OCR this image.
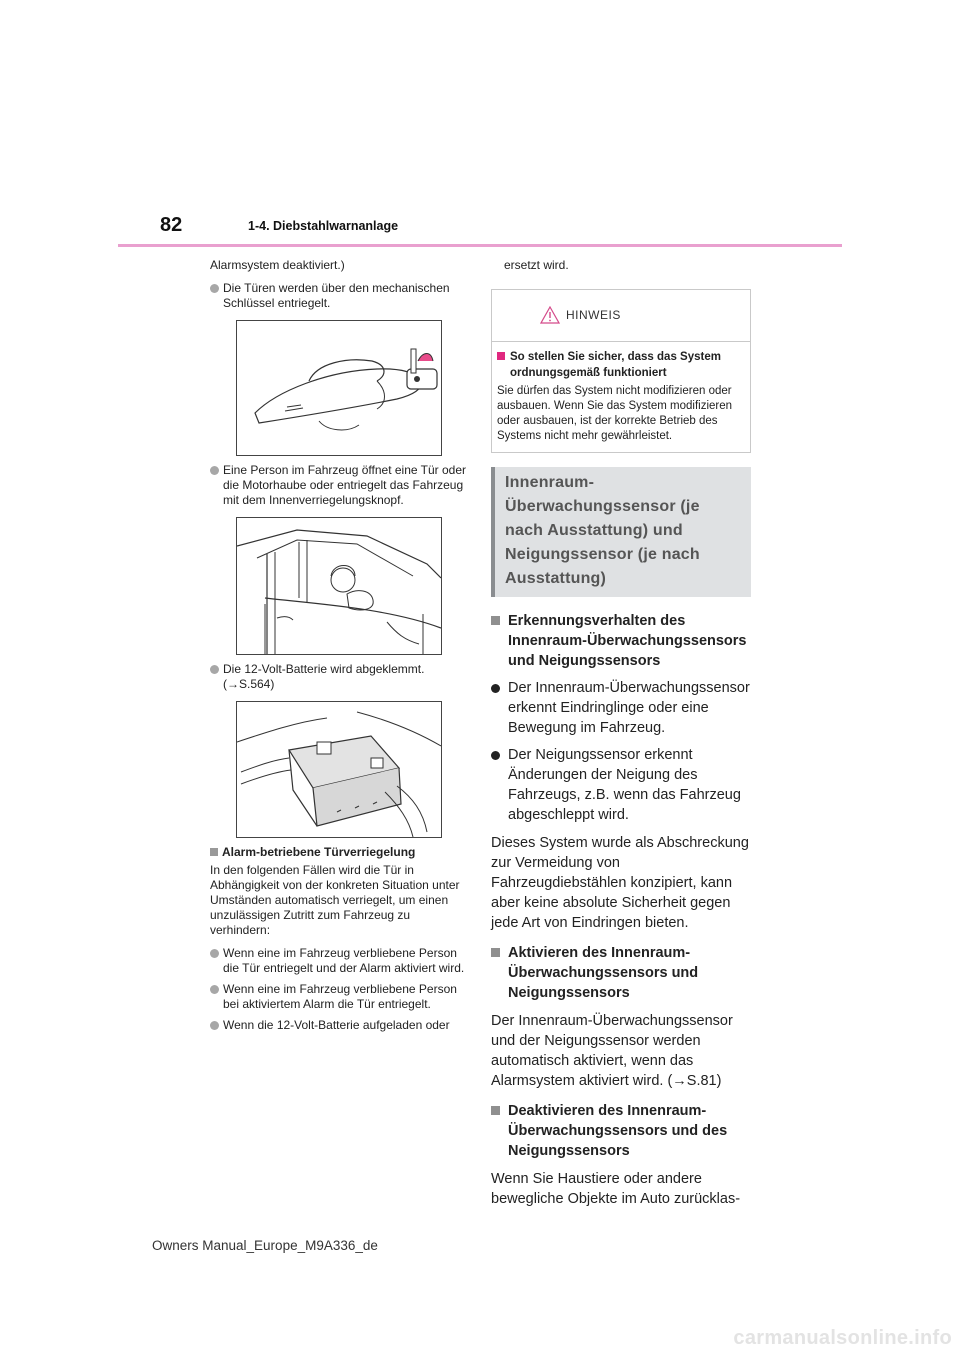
82	1-4. Diebstahlwarnanlage

Alarmsystem deaktiviert.)

Die Türen werden über den mechanischen Schlüssel entriegelt.
Eine Person im Fahrzeug öffnet eine Tür oder die Motorhaube oder entriegelt das Fahrzeug mit dem Innenverriegelungsknopf.
Die 12-Volt-Batterie wird abgeklemmt. (→S.564)
Alarm-betriebene Türverriegelung

In den folgenden Fällen wird die Tür in Abhängigkeit von der konkreten Situation unter Umständen automatisch verriegelt, um einen unzulässigen Zutritt zum Fahrzeug zu verhindern:

Wenn eine im Fahrzeug verbliebene Person die Tür entriegelt und der Alarm aktiviert wird.
Wenn eine im Fahrzeug verbliebene Person bei aktiviertem Alarm die Tür entriegelt.
Wenn die 12-Volt-Batterie aufgeladen oder

ersetzt wird.

HINWEIS
So stellen Sie sicher, dass das System ordnungsgemäß funktioniert

Sie dürfen das System nicht modifizieren oder ausbauen. Wenn Sie das System modifizieren oder ausbauen, ist der korrekte Betrieb des Systems nicht mehr gewährleistet.

Innenraum-Überwachungssensor (je nach Ausstattung) und Neigungssensor (je nach Ausstattung)
Erkennungsverhalten des Innenraum-Überwachungssensors und Neigungssensors
Der Innenraum-Überwachungssensor erkennt Eindringlinge oder eine Bewegung im Fahrzeug.
Der Neigungssensor erkennt Änderungen der Neigung des Fahrzeugs, z.B. wenn das Fahrzeug abgeschleppt wird.

Dieses System wurde als Abschreckung zur Vermeidung von Fahrzeugdiebstählen konzipiert, kann aber keine absolute Sicherheit gegen jede Art von Eindringen bieten.

Aktivieren des Innenraum-Überwachungssensors und Neigungssensors

Der Innenraum-Überwachungssensor und der Neigungssensor werden automatisch aktiviert, wenn das Alarmsystem aktiviert wird. (→S.81)

Deaktivieren des Innenraum-Überwachungssensors und des Neigungssensors

Wenn Sie Haustiere oder andere bewegliche Objekte im Auto zurücklas-

Owners Manual_Europe_M9A336_de
carmanualsonline.info
